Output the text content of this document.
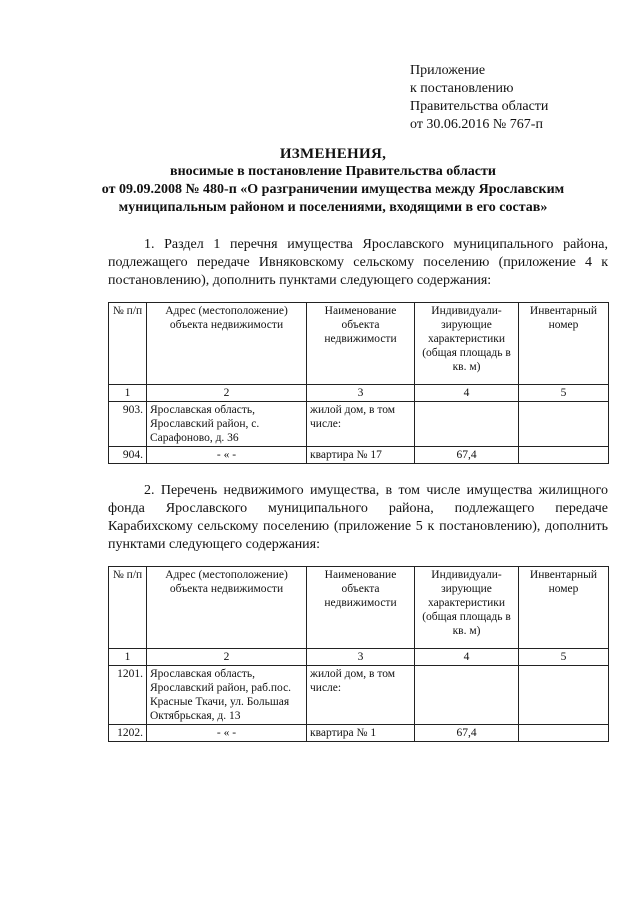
Приложение
к постановлению
Правительства области
от 30.06.2016 № 767-п
ИЗМЕНЕНИЯ,
вносимые в постановление Правительства области
от 09.09.2008 № 480-п «О разграничении имущества между Ярославским
муниципальным районом и поселениями, входящими в его состав»
1. Раздел 1 перечня имущества Ярославского муниципального района, подлежащего передаче Ивняковскому сельскому поселению (приложение 4 к постановлению), дополнить пунктами следующего содержания:
№ п/п	Адрес (местоположение) объекта недвижимости	Наименование объекта недвижимости	Индивидуали-зирующие характеристики (общая площадь в кв. м)	Инвентарный номер
1	2	3	4	5
903.	Ярославская область, Ярославский район, с. Сарафоново, д. 36	жилой дом, в том числе:		
904.	- « -	квартира № 17	67,4	
2. Перечень недвижимого имущества, в том числе имущества жилищного фонда Ярославского муниципального района, подлежащего передаче Карабихскому сельскому поселению (приложение 5 к постановлению), дополнить пунктами следующего содержания:
№ п/п	Адрес (местоположение) объекта недвижимости	Наименование объекта недвижимости	Индивидуали-зирующие характеристики (общая площадь в кв. м)	Инвентарный номер
1	2	3	4	5
1201.	Ярославская область, Ярославский район, раб.пос. Красные Ткачи, ул. Большая Октябрьская, д. 13	жилой дом, в том числе:		
1202.	- « -	квартира № 1	67,4	
